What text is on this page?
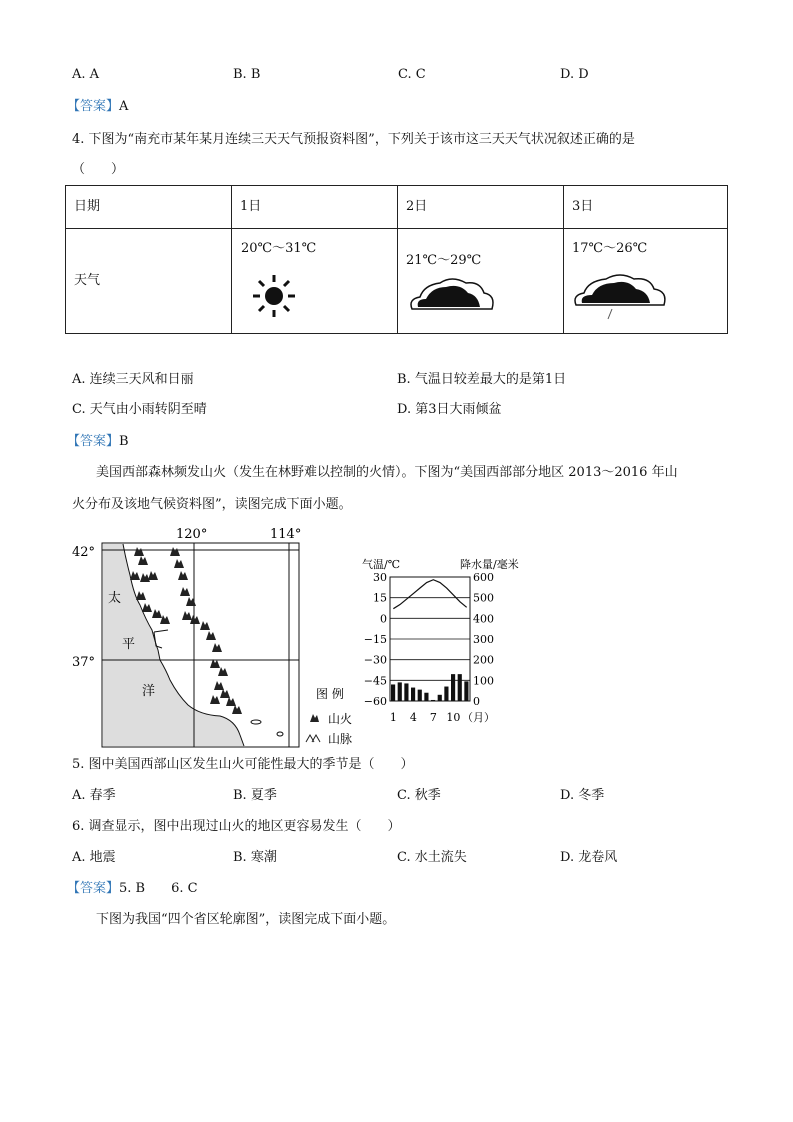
A. A	B. B	C. C	D. D
【答案】A
4. 下图为“南充市某年某月连续三天天气预报资料图”，下列关于该市这三天天气状况叙述正确的是
（　　）
日期	1日	2日	3日

天气	20℃～31℃	21℃～29℃	17℃～26℃
A. 连续三天风和日丽	B. 气温日较差最大的是第1日
C. 天气由小雨转阴至晴	D. 第3日大雨倾盆
【答案】B
美国西部森林频发山火（发生在林野难以控制的火情）。下图为“美国西部部分地区 2013～2016 年山
火分布及该地气候资料图”，读图完成下面小题。
120°	114°
42°
37°
太
平
洋	图 例
山火
山脉
气温/℃	降水量/毫米
30	600
15	500
0	400
−15	300
−30	200
−45	100
−60	0
1 4 7 10 （月）
5. 图中美国西部山区发生山火可能性最大的季节是（　　）
A. 春季	B. 夏季	C. 秋季	D. 冬季
6. 调查显示，图中出现过山火的地区更容易发生（　　）
A. 地震	B. 寒潮	C. 水土流失	D. 龙卷风
【答案】5. B　　6. C
下图为我国“四个省区轮廓图”，读图完成下面小题。
